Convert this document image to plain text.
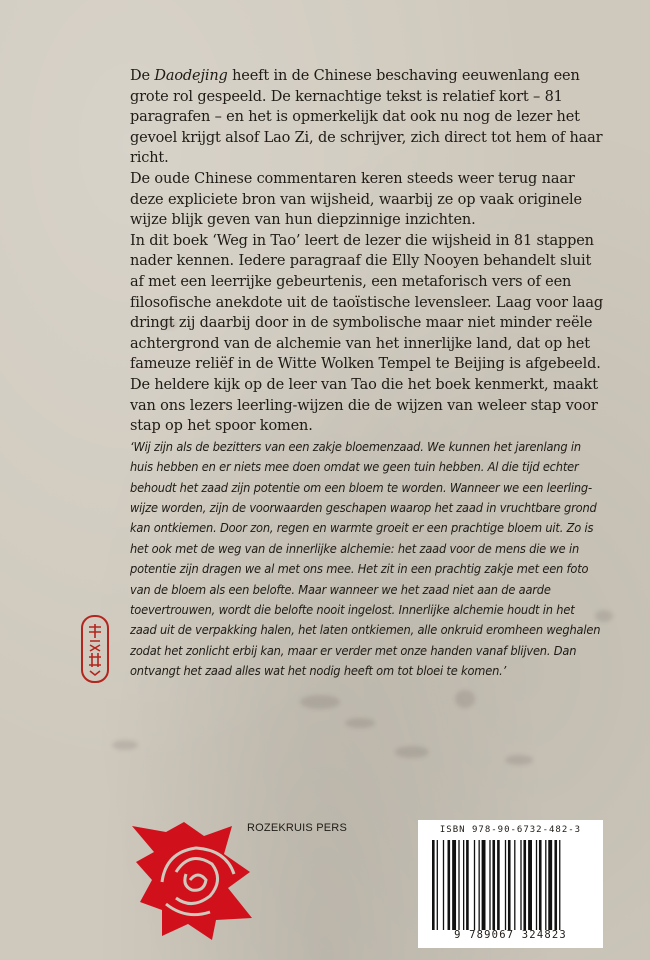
De Daodejing heeft in de Chinese beschaving eeuwenlang een grote rol gespeeld. De kernachtige tekst is relatief kort – 81 paragrafen – en het is opmerkelijk dat ook nu nog de lezer het gevoel krijgt alsof Lao Zi, de schrijver, zich direct tot hem of haar richt.

De oude Chinese commentaren keren steeds weer terug naar deze expliciete bron van wijsheid, waarbij ze op vaak originele wijze blijk geven van hun diepzinnige inzichten.

In dit boek ‘Weg in Tao’ leert de lezer die wijsheid in 81 stappen nader kennen. Iedere paragraaf die Elly Nooyen behandelt sluit af met een leerrijke gebeurtenis, een metaforisch vers of een filosofische anekdote uit de taoïstische levensleer. Laag voor laag dringt zij daarbij door in de symbolische maar niet minder reële achtergrond van de alchemie van het innerlijke land, dat op het fameuze reliëf in de Witte Wolken Tempel te Beijing is afgebeeld.

De heldere kijk op de leer van Tao die het boek kenmerkt, maakt van ons lezers leerling-wijzen die de wijzen van weleer stap voor stap op het spoor komen.

‘Wij zijn als de bezitters van een zakje bloemenzaad. We kunnen het jarenlang in huis hebben en er niets mee doen omdat we geen tuin hebben. Al die tijd echter behoudt het zaad zijn potentie om een bloem te worden. Wanneer we een leerling-wijze worden, zijn de voorwaarden geschapen waarop het zaad in vruchtbare grond kan ontkiemen. Door zon, regen en warmte groeit er een prachtige bloem uit. Zo is het ook met de weg van de innerlijke alchemie: het zaad voor de mens die we in potentie zijn dragen we al met ons mee. Het zit in een prachtig zakje met een foto van de bloem als een belofte. Maar wanneer we het zaad niet aan de aarde toevertrouwen, wordt die belofte nooit ingelost. Innerlijke alchemie houdt in het zaad uit de verpakking halen, het laten ontkiemen, alle onkruid eromheen weghalen zodat het zonlicht erbij kan, maar er verder met onze handen vanaf blijven. Dan ontvangt het zaad alles wat het nodig heeft om tot bloei te komen.’

ROZEKRUIS PERS	ISBN 978-90-6732-482-3
9 789067 324823
